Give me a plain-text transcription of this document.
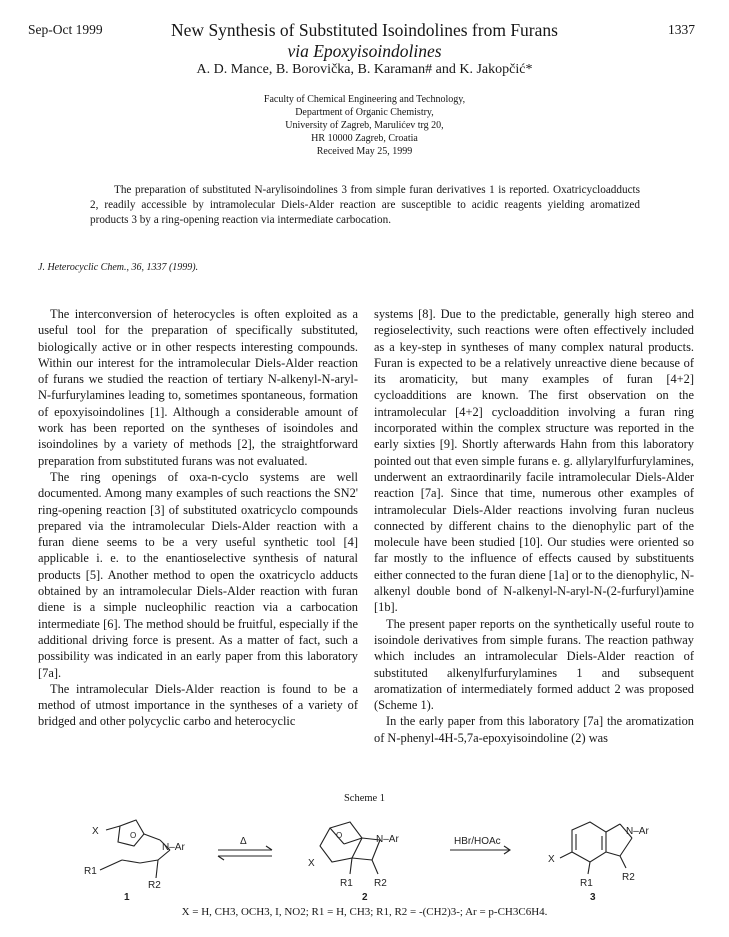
Sep-Oct 1999	1337
New Synthesis of Substituted Isoindolines from Furans
via Epoxyisoindolines
A. D. Mance, B. Borovička, B. Karaman# and K. Jakopčić*
Faculty of Chemical Engineering and Technology,
Department of Organic Chemistry,
University of Zagreb, Marulićev trg 20,
HR 10000 Zagreb, Croatia
Received May 25, 1999
The preparation of substituted N-arylisoindolines 3 from simple furan derivatives 1 is reported. Oxatricycloadducts 2, readily accessible by intramolecular Diels-Alder reaction are susceptible to acidic reagents yielding aromatized products 3 by a ring-opening reaction via intermediate carbocation.
J. Heterocyclic Chem., 36, 1337 (1999).

The interconversion of heterocycles is often exploited as a useful tool for the preparation of specifically substituted, biologically active or in other respects interesting compounds. Within our interest for the intramolecular Diels-Alder reaction of furans we studied the reaction of tertiary N-alkenyl-N-aryl-N-furfurylamines leading to, sometimes spontaneous, formation of epoxyisoindolines [1]. Although a considerable amount of work has been reported on the syntheses of isoindoles and isoindolines by a variety of methods [2], the straightforward preparation from substituted furans was not evaluated.

The ring openings of oxa-n-cyclo systems are well documented. Among many examples of such reactions the SN2' ring-opening reaction [3] of substituted oxatricyclo compounds prepared via the intramolecular Diels-Alder reaction with a furan diene seems to be a very useful synthetic tool [4] applicable i. e. to the enantioselective synthesis of natural products [5]. Another method to open the oxatricyclo adducts obtained by an intramolecular Diels-Alder reaction with furan diene is a simple nucleophilic reaction via a carbocation intermediate [6]. The method should be fruitful, especially if the additional driving force is present. As a matter of fact, such a possibility was indicated in an early paper from this laboratory [7a].

The intramolecular Diels-Alder reaction is found to be a method of utmost importance in the syntheses of a variety of bridged and other polycyclic carbo and heterocyclic

systems [8]. Due to the predictable, generally high stereo and regioselectivity, such reactions were often effectively included as a key-step in syntheses of many complex natural products. Furan is expected to be a relatively unreactive diene because of its aromaticity, but many examples of furan [4+2] cycloadditions are known. The first observation on the intramolecular [4+2] cycloaddition involving a furan ring incorporated within the complex structure was reported in the early sixties [9]. Shortly afterwards Hahn from this laboratory pointed out that even simple furans e. g. allylarylfurfurylamines, underwent an extraordinarily facile intramolecular Diels-Alder reaction [7a]. Since that time, numerous other examples of intramolecular Diels-Alder reactions involving furan nucleus connected by different chains to the dienophylic part of the molecule have been studied [10]. Our studies were oriented so far mostly to the influence of effects caused by substituents either connected to the furan diene [1a] or to the dienophylic, N-alkenyl double bond of N-alkenyl-N-aryl-N-(2-furfuryl)amine [1b].

The present paper reports on the synthetically useful route to isoindole derivatives from simple furans. The reaction pathway which includes an intramolecular Diels-Alder reaction of substituted alkenylfurfurylamines 1 and subsequent aromatization of intermediately formed adduct 2 was proposed (Scheme 1).

In the early paper from this laboratory [7a] the aromatization of N-phenyl-4H-5,7a-epoxyisoindoline (2) was

Scheme 1
X	O
N–Ar
R1
R2
Δ
X
O	N–Ar
R1 R2
HBr/HOAc
X
N–Ar
R1
R2
1	2	3
X = H, CH3, OCH3, I, NO2; R1 = H, CH3; R1, R2 = -(CH2)3-; Ar = p-CH3C6H4.
